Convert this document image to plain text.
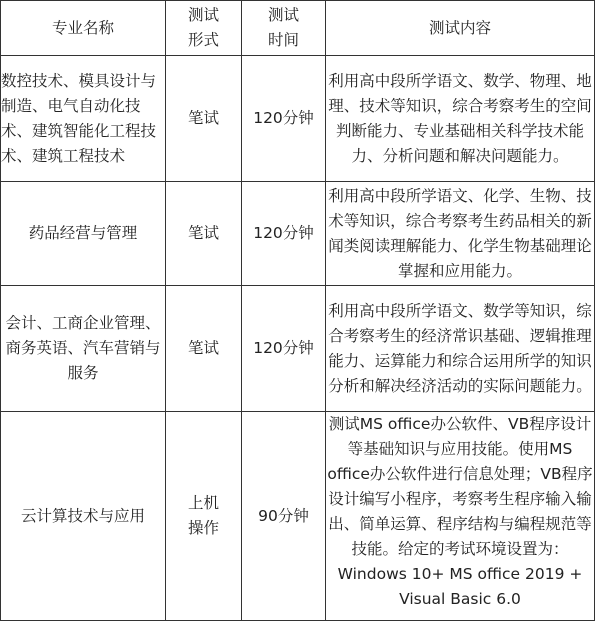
专业名称	测试形式	测试时间	测试内容
数控技术、模具设计与制造、电气自动化技术、建筑智能化工程技术、建筑工程技术	笔试	120分钟	利用高中段所学语文、数学、物理、地理、技术等知识，综合考察考生的空间判断能力、专业基础相关科学技术能力、分析问题和解决问题能力。
药品经营与管理	笔试	120分钟	利用高中段所学语文、化学、生物、技术等知识，综合考察考生药品相关的新闻类阅读理解能力、化学生物基础理论掌握和应用能力。
会计、工商企业管理、商务英语、汽车营销与服务	笔试	120分钟	利用高中段所学语文、数学等知识，综合考察考生的经济常识基础、逻辑推理能力、运算能力和综合运用所学的知识分析和解决经济活动的实际问题能力。
云计算技术与应用	上机操作	90分钟	测试MS office办公软件、VB程序设计等基础知识与应用技能。使用MS office办公软件进行信息处理；VB程序设计编写小程序，考察考生程序输入输出、简单运算、程序结构与编程规范等技能。给定的考试环境设置为：Windows 10+ MS office 2019 + Visual Basic 6.0
